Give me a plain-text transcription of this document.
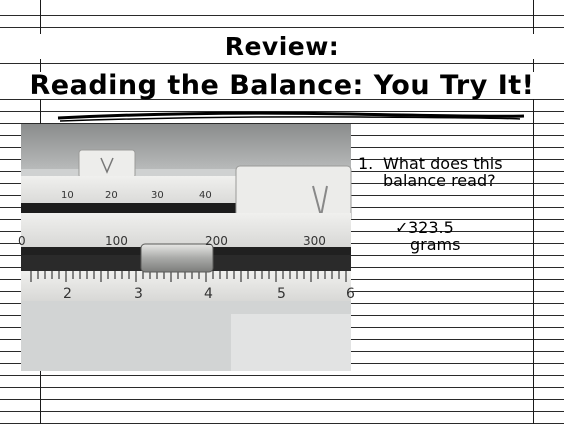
Review:
Reading the Balance: You Try It!
10	20	30	40
0	100	200	300
2	3	4	5	6
1. What does this balance read?
✓ 323.5
grams
